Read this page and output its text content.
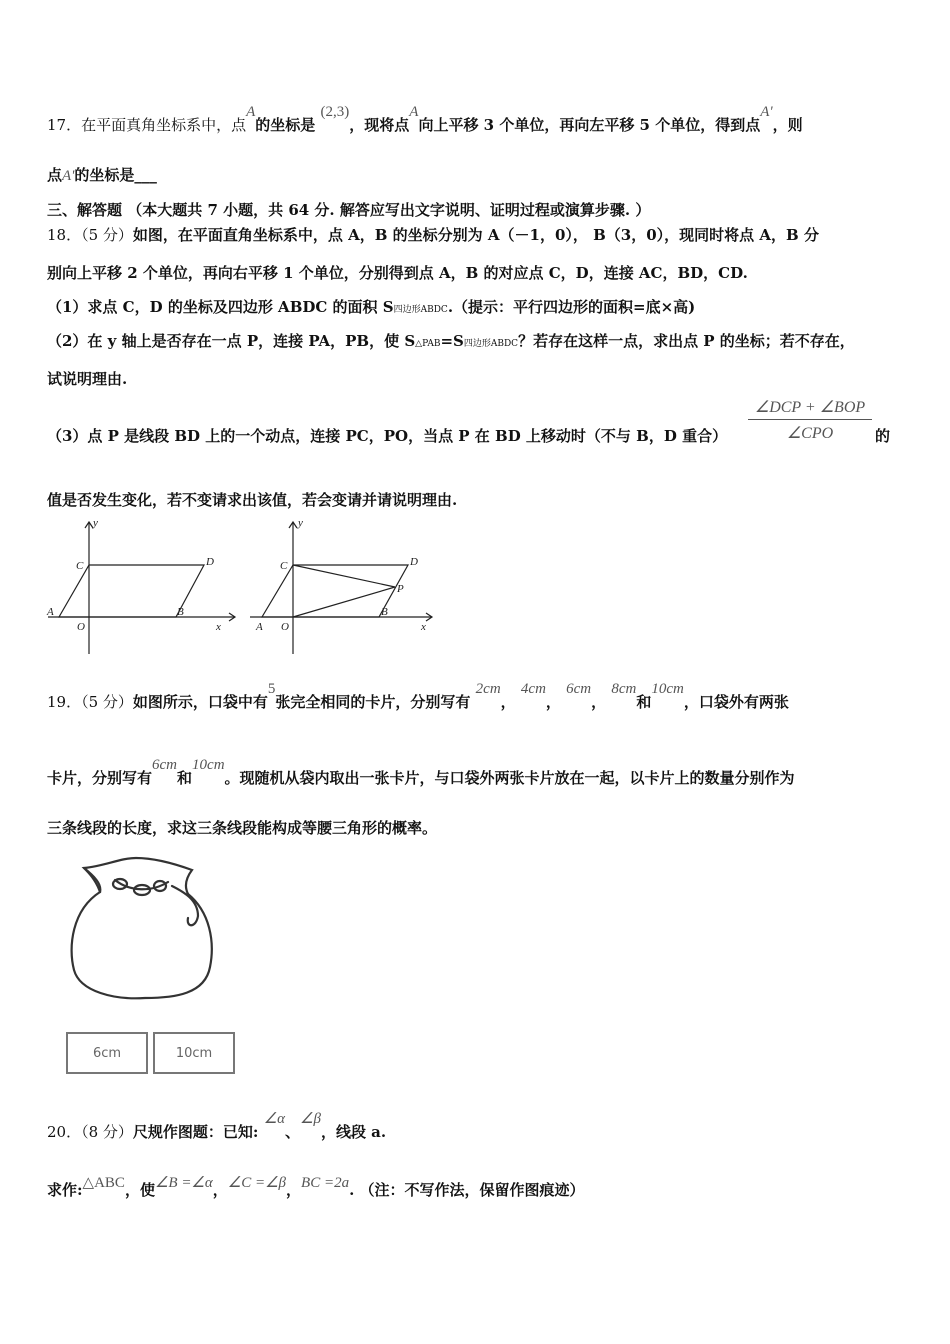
17．在平面真角坐标系中，点A的坐标是 (2,3)，现将点A向上平移 3 个单位，再向左平移 5 个单位，得到点A'，则
点A'的坐标是___
三、解答题 （本大题共 7 小题，共 64 分. 解答应写出文字说明、证明过程或演算步骤. ）
18．（5 分）如图，在平面直角坐标系中，点 A，B 的坐标分别为 A（－1，0）， B（3，0），现同时将点 A，B 分
别向上平移 2 个单位，再向右平移 1 个单位，分别得到点 A，B 的对应点 C，D，连接 AC，BD，CD.
（1）求点 C，D 的坐标及四边形 ABDC 的面积 S四边形ABDC.（提示：平行四边形的面积=底×高)
（2）在 y 轴上是否存在一点 P，连接 PA，PB，使 S△PAB=S四边形ABDC？若存在这样一点，求出点 P 的坐标；若不存在，
试说明理由.
（3）点 P 是线段 BD 上的一个动点，连接 PC，PO，当点 P 在 BD 上移动时（不与 B，D 重合）
∠DCP + ∠BOP
∠CPO	的
值是否发生变化，若不变请求出该值，若会变请并请说明理由.
y
x
C	D
A
O
B
y
x
C	D
P
A O
B
19．（5 分）如图所示，口袋中有5张完全相同的卡片，分别写有 2cm， 4cm， 6cm， 8cm和10cm，口袋外有两张
卡片，分别写有6cm和10cm。现随机从袋内取出一张卡片，与口袋外两张卡片放在一起，以卡片上的数量分别作为
三条线段的长度，求这三条线段能构成等腰三角形的概率。
6cm	10cm
20．（8 分）尺规作图题：已知: ∠α、∠β，线段 a.
求作:△ABC，使∠B =∠α，∠C =∠β，BC =2a. （注：不写作法，保留作图痕迹）
